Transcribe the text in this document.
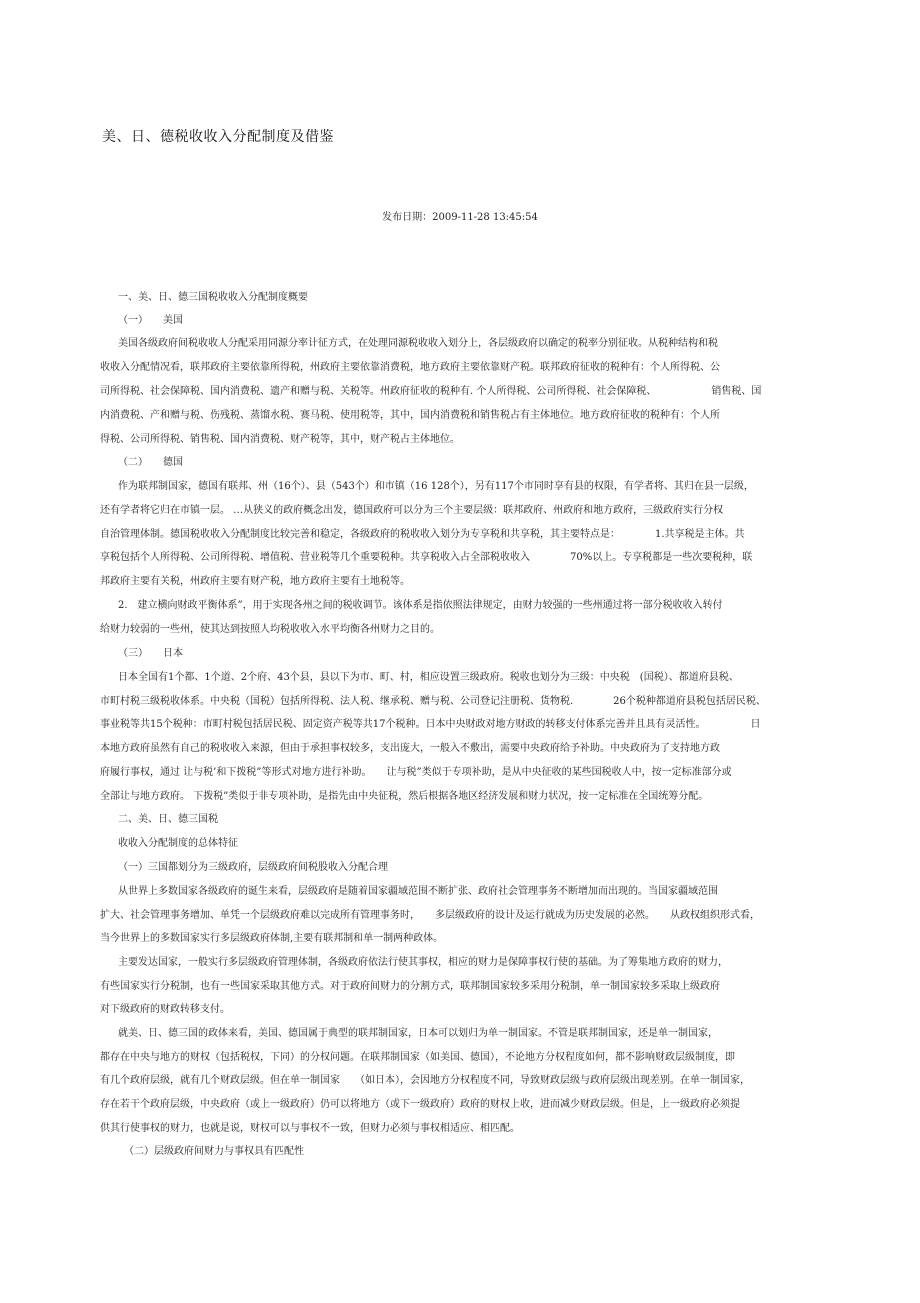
美、日、德税收收入分配制度及借鉴
发布日期：2009-11-28 13:45:54
一、美、日、德三国税收收入分配制度概要
（一）　　美国
美国各级政府间税收收人分配采用同源分率计征方式，在处理同源税收收入划分上，各层级政府以确定的税率分别征收。从税种结构和税
收收入分配情况看，联邦政府主要依靠所得税，州政府主要依靠消费税，地方政府主要依靠财产税。联邦政府征收的税种有：个人所得税、公
司所得税、社会保障税、国内消费税、遗产和赠与税、关税等。州政府征收的税种有. 个人所得税、公司所得税、社会保障税、　　　　　　销售税、国
内消费税、产和赠与税、伤残税、蒸馏水税、赛马税、使用税等，其中，国内消费税和销售税占有主体地位。地方政府征收的税种有：个人所
得税、公司所得税、销售税、国内消费税、财产税等，其中，财产税占主体地位。
（二）　　德国
作为联邦制国家，德国有联邦、州（16个）、县（543个）和市镇（16 128个），另有117个市同时享有县的权限，有学者将、其归在县一层级，
还有学者将它归在市镇一层。 …从狭义的政府概念出发，德国政府可以分为三个主要层级：联邦政府、州政府和地方政府，三级政府实行分权
自治管理体制。德国税收收入分配制度比较完善和稳定，各级政府的税收收入划分为专享税和共享税，其主要特点是：　　　　1.共享税是主体。共
享税包括个人所得税、公司所得税、增值税、营业税等几个重要税种。共享税收入占全部税收收入　　　　70%以上。专享税都是一些次要税种，联
邦政府主要有关税，州政府主要有财产税，地方政府主要有土地税等。
2.　建立横向财政平衡体系”，用于实现各州之间的税收调节。该体系是指依照法律规定，由财力较强的一些州通过将一部分税收收入转付
给财力较弱的一些州，使其达到按照人均税收收入水平均衡各州财力之目的。
（三）　　日本
日本全国有1个都、1个道、2个府、43个县，县以下为市、町、村，相应设置三级政府。税收也划分为三级：中央税　(国税）、都道府县税、
市町村税三级税收体系。中央税（国税）包括所得税、法人税、继承税、赠与税、公司登记注册税、货物税.　　　　26个税种都道府县税包括居民税、
事业税等共15个税种：市町村税包括居民税、固定资产税等共17个税种。日本中央财政对地方财政的转移支付体系完善并且具有灵活性。　　　　　日
本地方政府虽然有自己的税收收入来源，但由于承担事权较多，支出庞大，一般入不敷出，需要中央政府给予补助。中央政府为了支持地方政
府履行事权，通过 让与税’和下拨税”等形式对地方进行补助。　　让与税”类似于专项补助，是从中央征收的某些国税收人中，按一定标准部分或
全部让与地方政府。 下拨税”类似于非专项补助，是指先由中央征税，然后根据各地区经济发展和财力状况，按一定标准在全国统筹分配。
二、美、日、德三国税
收收入分配制度的总体特征
（一）三国都划分为三级政府，层级政府间税股收入分配合理
从世界上多数国家各级政府的诞生来看，层级政府是随着国家疆域范围不断扩张、政府社会管理事务不断增加而出现的。当国家疆域范围
扩大、社会管理事务增加、单凭一个层级政府难以完成所有管理事务时，　　多层级政府的设计及运行就成为历史发展的必然。　　从政权组织形式看，
当今世界上的多数国家实行多层级政府体制,主要有联邦制和单一制两种政体。
主要发达国家，一般实行多层级政府管理体制，各级政府依法行使其事权，相应的财力是保障事权行使的基础。为了筹集地方政府的财力，
有些国家实行分税制，也有一些国家采取其他方式。对于政府间财力的分割方式，联邦制国家较多采用分税制，单一制国家较多采取上级政府
对下级政府的财政转移支付。
就美、日、德三国的政体来看，美国、德国属于典型的联邦制国家，日本可以划归为单一制国家。不管是联邦制国家，还是单一制国家，
都存在中央与地方的财权（包括税权，下同）的分权问题。在联邦制国家（如美国、德国），不论地方分权程度如何，都不影响财政层级制度，即
有几个政府层级，就有几个财政层级。但在单一制国家　　（如日本），会因地方分权程度不同，导致财政层级与政府层级出现差别。在单一制国家，
存在若干个政府层级，中央政府（或上一级政府）仍可以将地方（或下一级政府）政府的财权上收，进而减少财政层级。但是，上一级政府必须提
供其行使事权的财力，也就是说，财权可以与事权不一致，但财力必须与事权相适应、相匹配。
（二）层级政府间财力与事权具有匹配性
